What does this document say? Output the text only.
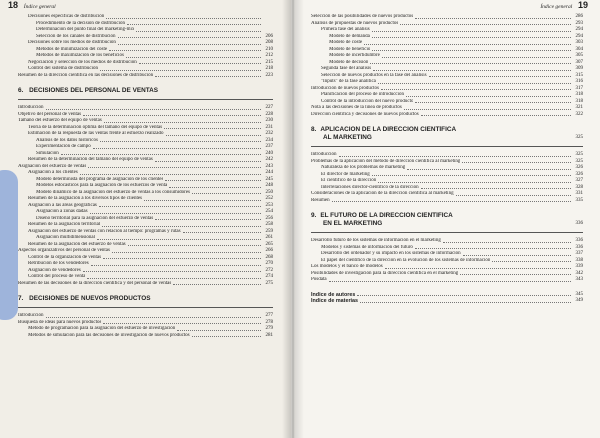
18 Índice general
Decisiones específicas de distribución
Procedimiento de la decisión de distribución
Determinación del punto final del marketing-mix
Selección de los canales de distribución	206
Decisiones sobre los medios de distribución	208
Métodos de minimización del coste	210
Métodos de maximización de los beneficios	212
Negociación y selección de los medios de distribución	215
Control del sistema de distribución	218
Resumen de la dirección científica en las decisiones de distribución	223
6. DECISIONES DEL PERSONAL DE VENTAS
Introducción	227
Objetivo del personal de ventas	228
Tamaño del esfuerzo del equipo de ventas	230
Teoría de la determinación óptima del tamaño del equipo de ventas	231
Estimación de la respuesta de las ventas frente al esfuerzo realizado	232
Análisis de los datos históricos	234
Experimentación de campo	237
Simulación	240
Resumen de la determinación del tamaño del equipo de ventas	242
Asignación del esfuerzo de ventas	243
Asignación a los clientes	244
Modelo determinista del programa de asignación de los clientes	245
Modelos estocásticos para la asignación de los esfuerzos de venta	248
Modelo dinámico de la asignación del esfuerzo de ventas a los consumidores	250
Resumen de la asignación a los diversos tipos de clientes	252
Asignación a las áreas geográficas	253
Asignación a zonas dadas	254
Diseño territorial para la asignación del esfuerzo de ventas	256
Resumen de la asignación territorial	258
Asignación del esfuerzo de ventas con relación al tiempo: programas y rutas	259
Asignación multidimensional	261
Resumen de la asignación del esfuerzo de ventas	265
Aspectos organizativos del personal de ventas	266
Control de la organización de ventas	268
Retribución de los vendedores	270
Asignación de vendedores	272
Control del proceso de venta	274
Resumen de las decisiones de la dirección científica y del personal de ventas	275
7. DECISIONES DE NUEVOS PRODUCTOS
Introducción	277
Búsqueda de ideas para nuevos productos	278
Método de programación para la asignación del esfuerzo de investigación	279
Métodos de simulación para las decisiones de investigación de nuevos productos	281
Índice general 19
Selección de las posibilidades de nuevos productos	286
Análisis de propuestas de nuevos productos	293
Primera fase del análisis	294
Modelo de demanda	294
Modelo de coste	303
Modelo de beneficio	304
Modelo de incertidumbre	305
Modelo de decisión	307
Segunda fase del análisis	309
Selección de nuevos productos en la fase del análisis	315
"Inputs" de la fase analítica	316
Introducción de nuevos productos	317
Planificación del proceso de introducción	318
Control de la introducción del nuevo producto	318
Nota a las decisiones de la línea de productos	321
Dirección científica y decisiones de nuevos productos	322
8. APLICACIÓN DE LA DIRECCIÓN CIENTÍFICA
AL MARKETING	325
Introducción	325
Problemas de la aplicación del método de dirección científica al marketing	325
Naturaleza de los problemas de marketing	326
El director de marketing	326
El científico de la dirección	327
Interrelaciones director-científico de la dirección	328
Consideraciones de la aplicación de la dirección científica al marketing	331
Resumen	335
9. EL FUTURO DE LA DIRECCIÓN CIENTÍFICA
EN EL MARKETING	336
Desarrollo futuro de los sistemas de información en el marketing	336
Modelos y sistemas de información del futuro	336
Desarrollo del ordenador y su impacto en los sistemas de información	337
El papel del científico de la dirección en la evolución de los sistemas de información	338
Los modelos y el banco de modelos	339
Posibilidades de investigación para la dirección científica en el marketing	342
Posdata	343
Índice de autores	345
Índice de materias	349
